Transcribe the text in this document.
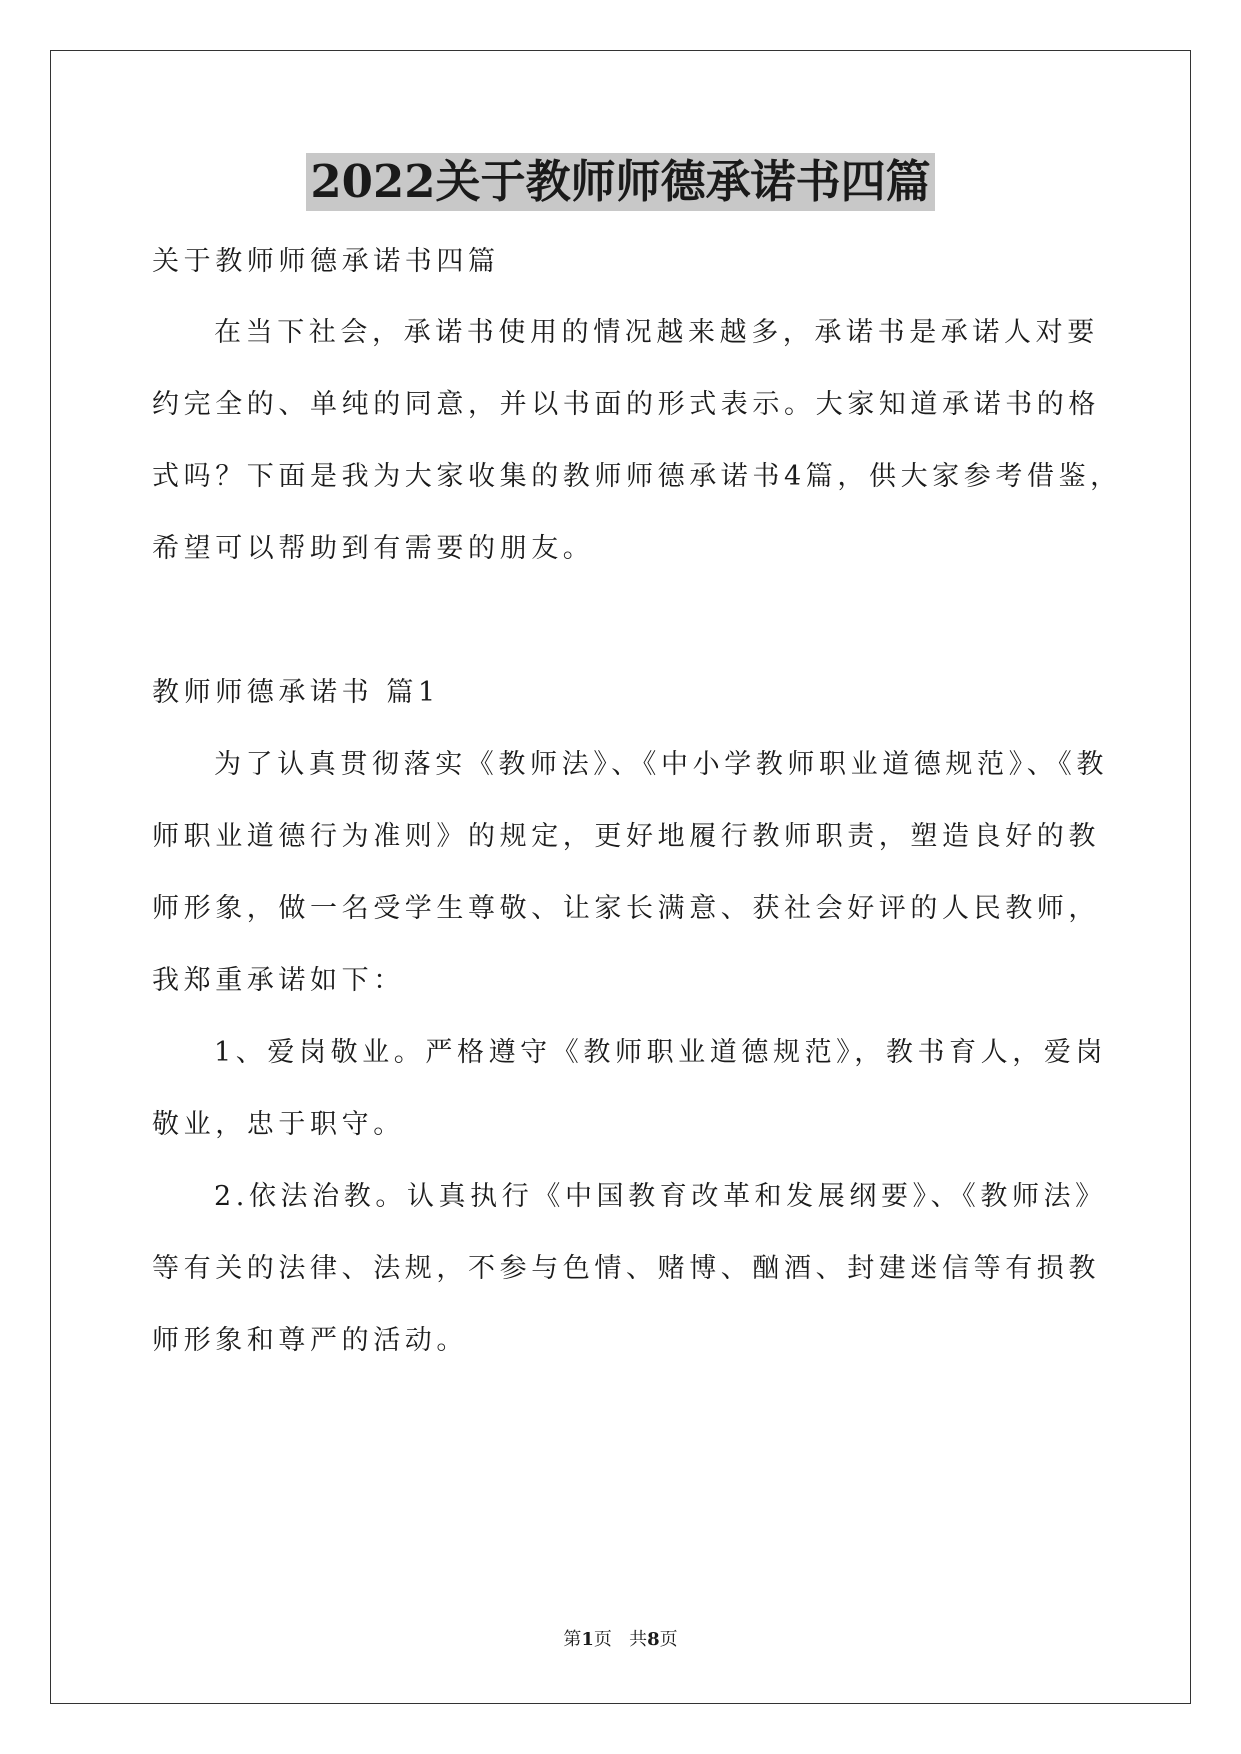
2022关于教师师德承诺书四篇
关于教师师德承诺书四篇
在当下社会，承诺书使用的情况越来越多，承诺书是承诺人对要
约完全的、单纯的同意，并以书面的形式表示。大家知道承诺书的格
式吗？下面是我为大家收集的教师师德承诺书4篇，供大家参考借鉴，
希望可以帮助到有需要的朋友。
教师师德承诺书 篇1
为了认真贯彻落实《教师法》、《中小学教师职业道德规范》、《教
师职业道德行为准则》的规定，更好地履行教师职责，塑造良好的教
师形象，做一名受学生尊敬、让家长满意、获社会好评的人民教师，
我郑重承诺如下：
1、爱岗敬业。严格遵守《教师职业道德规范》，教书育人，爱岗
敬业，忠于职守。
2.依法治教。认真执行《中国教育改革和发展纲要》、《教师法》
等有关的法律、法规，不参与色情、赌博、酗酒、封建迷信等有损教
师形象和尊严的活动。
第1页   共8页
